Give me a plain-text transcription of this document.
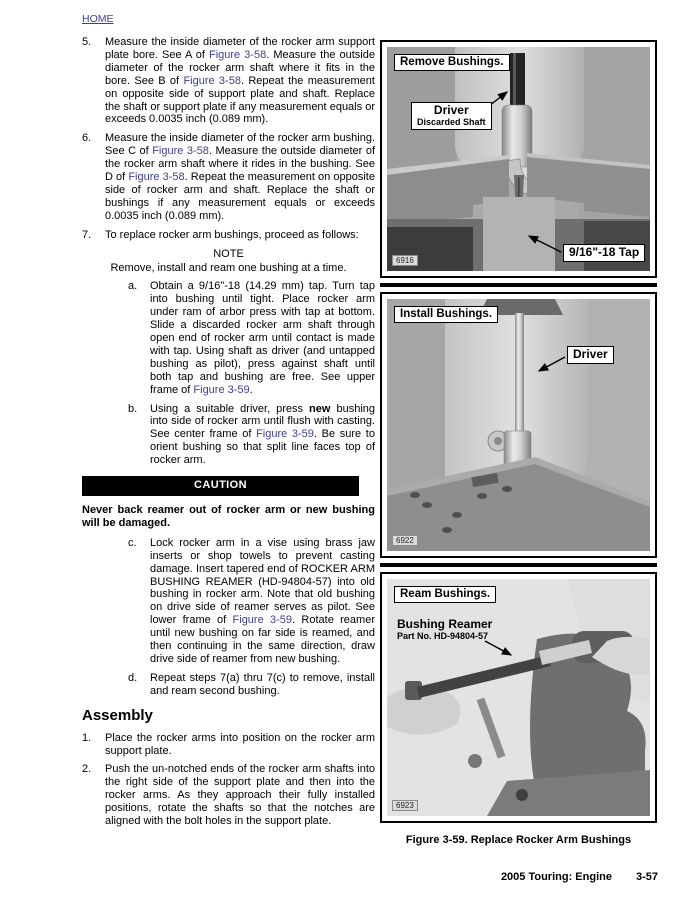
HOME
5.	Measure the inside diameter of the rocker arm support plate bore. See A of Figure 3-58. Measure the outside diameter of the rocker arm shaft where it fits in the bore. See B of Figure 3-58. Repeat the measurement on opposite side of support plate and shaft. Replace the shaft or support plate if any measurement equals or exceeds 0.0035 inch (0.089 mm).

6.	Measure the inside diameter of the rocker arm bushing. See C of Figure 3-58. Measure the outside diameter of the rocker arm shaft where it rides in the bushing. See D of Figure 3-58. Repeat the measurement on opposite side of rocker arm and shaft. Replace the shaft or bushings if any measurement equals or exceeds 0.0035 inch (0.089 mm).

7.	To replace rocker arm bushings, proceed as follows:

NOTE
Remove, install and ream one bushing at a time.
a.	Obtain a 9/16"-18 (14.29 mm) tap. Turn tap into bushing until tight. Place rocker arm under ram of arbor press with tap at bottom. Slide a discarded rocker arm shaft through open end of rocker arm until contact is made with tap. Using shaft as driver (and untapped bushing as pilot), press against shaft until both tap and bushing are free. See upper frame of Figure 3-59.

b.	Using a suitable driver, press new bushing into side of rocker arm until flush with casting. See center frame of Figure 3-59. Be sure to orient bushing so that split line faces top of rocker arm.

CAUTION
Never back reamer out of rocker arm or new bushing will be damaged.
c.	Lock rocker arm in a vise using brass jaw inserts or shop towels to prevent casting damage. Insert tapered end of ROCKER ARM BUSHING REAMER (HD-94804-57) into old bushing in rocker arm. Note that old bushing on drive side of reamer serves as pilot. See lower frame of Figure 3-59. Rotate reamer until new bushing on far side is reamed, and then continuing in the same direction, draw drive side of reamer from new bushing.

d.	Repeat steps 7(a) thru 7(c) to remove, install and ream second bushing.

Assembly
1.	Place the rocker arms into position on the rocker arm support plate.

2.	Push the un-notched ends of the rocker arm shafts into the right side of the support plate and then into the rocker arms. As they approach their fully installed positions, rotate the shafts so that the notches are aligned with the bolt holes in the support plate.

Remove Bushings.
Driver
Discarded Shaft
9/16"-18 Tap
6916
Install Bushings.
Driver
6922
Ream Bushings.
Bushing Reamer
Part No. HD-94804-57
6923
Figure 3-59. Replace Rocker Arm Bushings
2005 Touring: Engine 3-57
